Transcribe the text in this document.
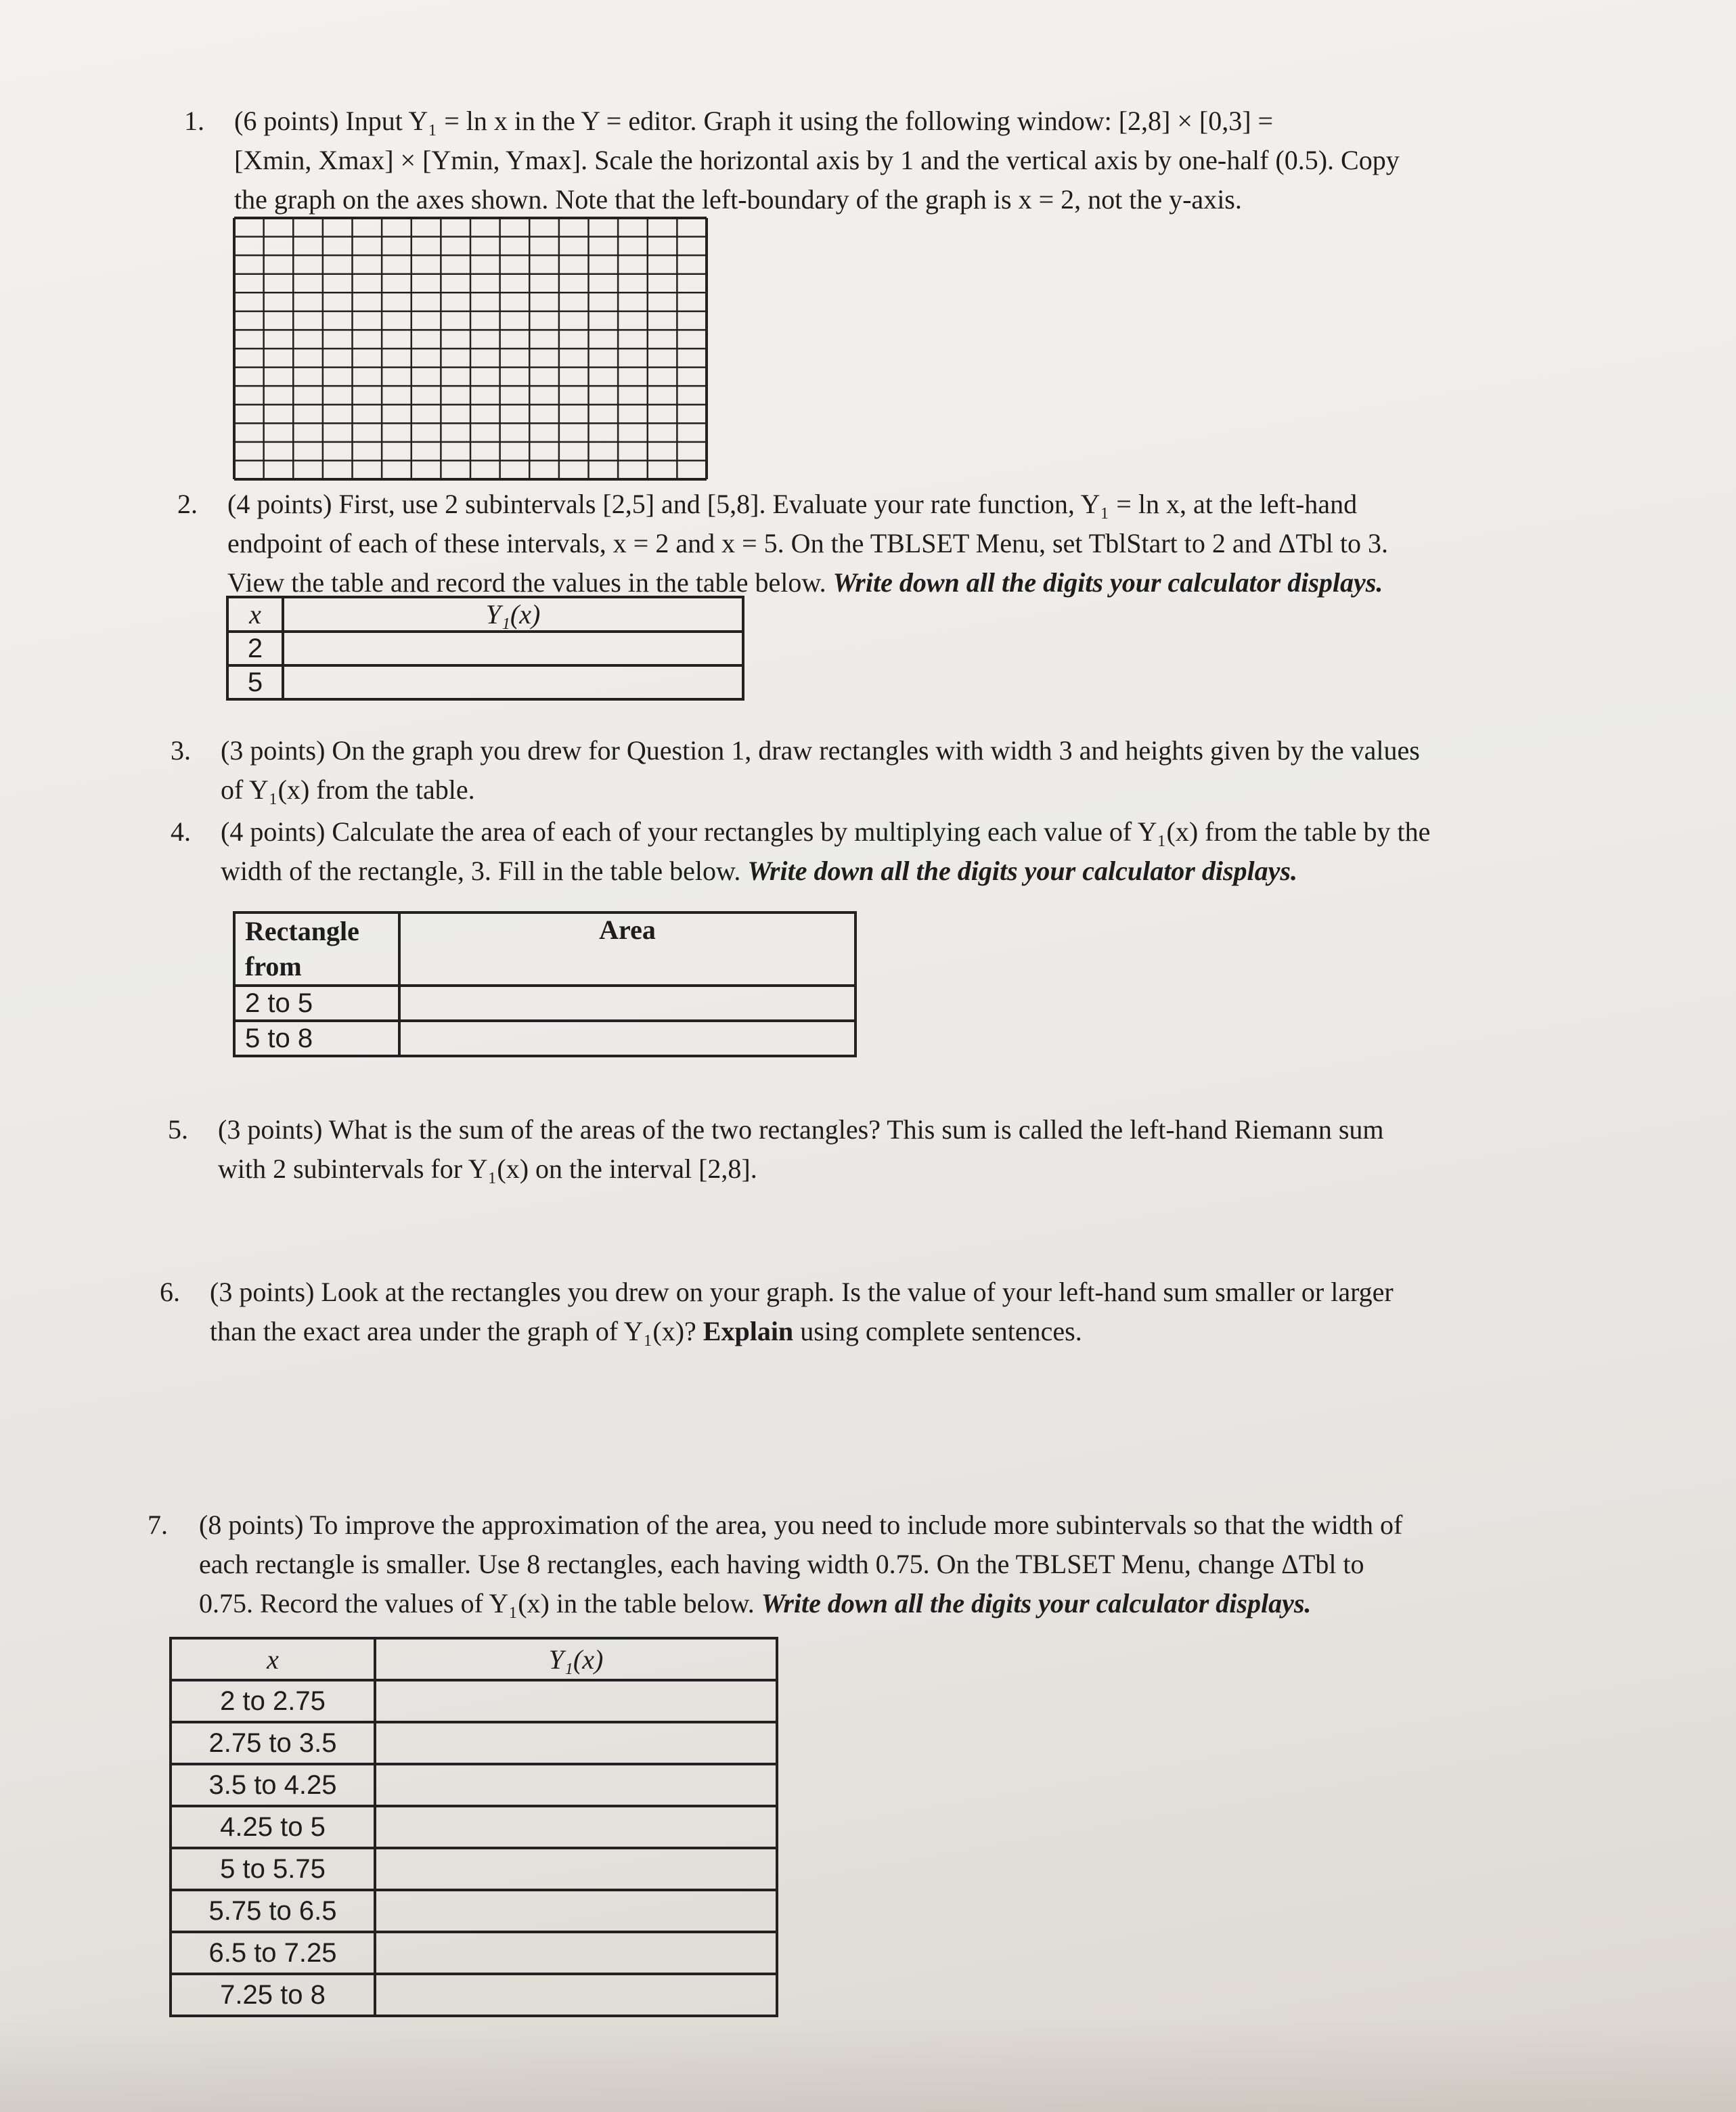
1. (6 points) Input Y₁ = ln x in the Y = editor. Graph it using the following window: [2,8] × [0,3] =

[Xmin, Xmax] × [Ymin, Ymax]. Scale the horizontal axis by 1 and the vertical axis by one-half (0.5). Copy

the graph on the axes shown. Note that the left-boundary of the graph is x = 2, not the y-axis.

2. (4 points) First, use 2 subintervals [2,5] and [5,8]. Evaluate your rate function, Y₁ = ln x, at the left-hand

endpoint of each of these intervals, x = 2 and x = 5. On the TBLSET Menu, set TblStart to 2 and ΔTbl to 3.

View the table and record the values in the table below. Write down all the digits your calculator displays.

x	Y₁(x)
2	
5	
3. (3 points) On the graph you drew for Question 1, draw rectangles with width 3 and heights given by the values

of Y₁(x) from the table.

4. (4 points) Calculate the area of each of your rectangles by multiplying each value of Y₁(x) from the table by the

width of the rectangle, 3. Fill in the table below. Write down all the digits your calculator displays.

Rectangle from	Area
2 to 5	
5 to 8	
5. (3 points) What is the sum of the areas of the two rectangles? This sum is called the left-hand Riemann sum

with 2 subintervals for Y₁(x) on the interval [2,8].

6. (3 points) Look at the rectangles you drew on your graph. Is the value of your left-hand sum smaller or larger

than the exact area under the graph of Y₁(x)? Explain using complete sentences.

7. (8 points) To improve the approximation of the area, you need to include more subintervals so that the width of

each rectangle is smaller. Use 8 rectangles, each having width 0.75. On the TBLSET Menu, change ΔTbl to

0.75. Record the values of Y₁(x) in the table below. Write down all the digits your calculator displays.

x	Y₁(x)
2 to 2.75	
2.75 to 3.5	
3.5 to 4.25	
4.25 to 5	
5 to 5.75	
5.75 to 6.5	
6.5 to 7.25	
7.25 to 8	
